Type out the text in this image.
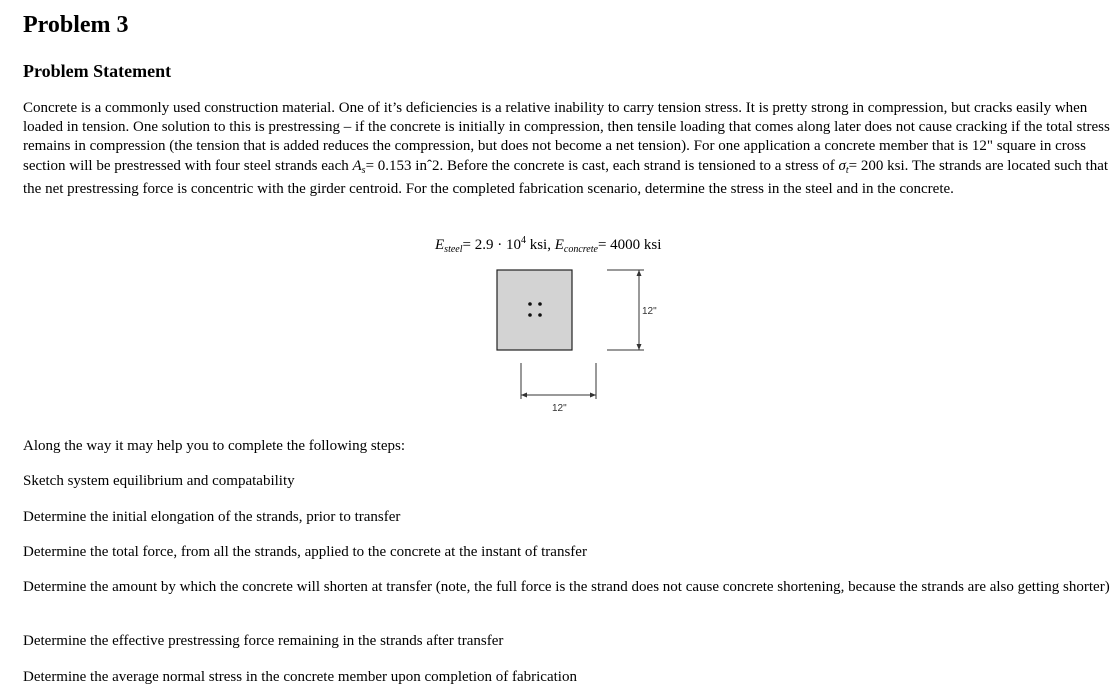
Problem 3
Problem Statement

Concrete is a commonly used construction material. One of it’s deficiencies is a relative inability to carry tension stress. It is pretty strong in compression, but cracks easily when loaded in tension. One solution to this is prestressing – if the concrete is initially in compression, then tensile loading that comes along later does not cause cracking if the total stress remains in compression (the tension that is added reduces the compression, but does not become a net tension). For one application a concrete member that is 12" square in cross section will be prestressed with four steel strands each $A_s= 0.153$ inˆ2. Before the concrete is cast, each strand is tensioned to a stress of $\sigma_t= 200$ ksi. The strands are located such that the net prestressing force is concentric with the girder centroid. For the completed fabrication scenario, determine the stress in the steel and in the concrete.

$E_{steel}= 2.9 \cdot 10^4$ ksi, $E_{concrete}= 4000$ ksi
12"
12"

Along the way it may help you to complete the following steps:

Sketch system equilibrium and compatability

Determine the initial elongation of the strands, prior to transfer

Determine the total force, from all the strands, applied to the concrete at the instant of transfer

Determine the amount by which the concrete will shorten at transfer (note, the full force is the strand does not cause concrete shortening, because the strands are also getting shorter)

Determine the effective prestressing force remaining in the strands after transfer

Determine the average normal stress in the concrete member upon completion of fabrication
